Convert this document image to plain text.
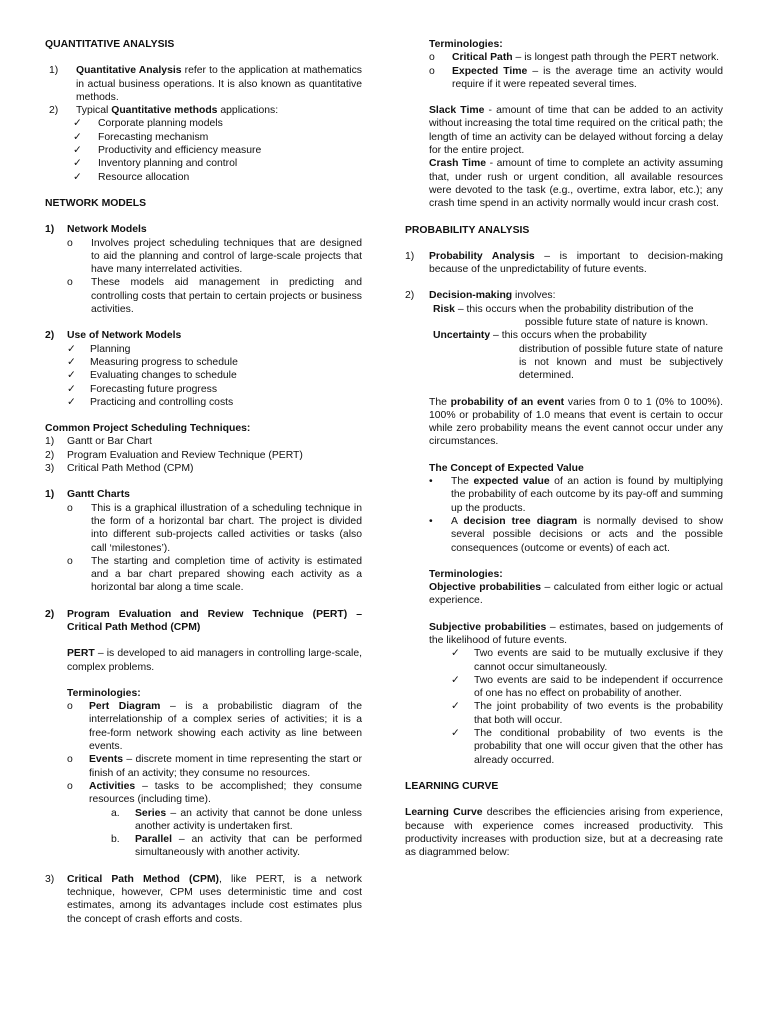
QUANTITATIVE ANALYSIS

1)	Quantitative Analysis refer to the application at mathematics in actual business operations. It is also known as quantitative methods.

2)	Typical Quantitative methods applications:

✓	Corporate planning models
✓	Forecasting mechanism
✓	Productivity and efficiency measure
✓	Inventory planning and control
✓	Resource allocation

NETWORK MODELS

1)	Network Models
o	Involves project scheduling techniques that are designed to aid the planning and control of large-scale projects that have many interrelated activities.

o	These models aid management in predicting and controlling costs that pertain to certain projects or business activities.

2)	Use of Network Models
✓	Planning
✓	Measuring progress to schedule
✓	Evaluating changes to schedule
✓	Forecasting future progress
✓	Practicing and controlling costs

Common Project Scheduling Techniques:

1)	Gantt or Bar Chart
2)	Program Evaluation and Review Technique (PERT)
3)	Critical Path Method (CPM)
1)	Gantt Charts
o	This is a graphical illustration of a scheduling technique in the form of a horizontal bar chart. The project is divided into different sub-projects called activities or tasks (also call ‘milestones’).

o	The starting and completion time of activity is estimated and a bar chart prepared showing each activity as a horizontal bar along a time scale.

2)	Program Evaluation and Review Technique (PERT) – Critical Path Method (CPM)

PERT – is developed to aid managers in controlling large-scale, complex problems.

Terminologies:

o	Pert Diagram – is a probabilistic diagram of the interrelationship of a complex series of activities; it is a free-form network showing each activity as line between events.

o	Events – discrete moment in time representing the start or finish of an activity; they consume no resources.

o	Activities – tasks to be accomplished; they consume resources (including time).

a.	Series – an activity that cannot be done unless another activity is undertaken first.

b.	Parallel – an activity that can be performed simultaneously with another activity.

3)	Critical Path Method (CPM), like PERT, is a network technique, however, CPM uses deterministic time and cost estimates, among its advantages include cost estimates plus the concept of crash efforts and costs.

Terminologies:

o	Critical Path – is longest path through the PERT network.

o	Expected Time – is the average time an activity would require if it were repeated several times.

Slack Time - amount of time that can be added to an activity without increasing the total time required on the critical path; the length of time an activity can be delayed without forcing a delay for the entire project.

Crash Time - amount of time to complete an activity assuming that, under rush or urgent condition, all available resources were devoted to the task (e.g., overtime, extra labor, etc.); any crash time spend in an activity normally would incur crash cost.

PROBABILITY ANALYSIS

1)	Probability Analysis – is important to decision-making because of the unpredictability of future events.

2)	Decision-making involves:

Risk – this occurs when the probability distribution of the

possible future state of nature is known.

Uncertainty – this occurs when the probability

distribution of possible future state of nature is not known and must be subjectively determined.

The probability of an event varies from 0 to 1 (0% to 100%). 100% or probability of 1.0 means that event is certain to occur while zero probability means the event cannot occur under any circumstances.

The Concept of Expected Value

•	The expected value of an action is found by multiplying the probability of each outcome by its pay-off and summing up the products.

•	A decision tree diagram is normally devised to show several possible decisions or acts and the possible consequences (outcome or events) of each act.

Terminologies:

Objective probabilities – calculated from either logic or actual experience.

Subjective probabilities – estimates, based on judgements of the likelihood of future events.

✓	Two events are said to be mutually exclusive if they cannot occur simultaneously.

✓	Two events are said to be independent if occurrence of one has no effect on probability of another.

✓	The joint probability of two events is the probability that both will occur.

✓	The conditional probability of two events is the probability that one will occur given that the other has already occurred.

LEARNING CURVE

Learning Curve describes the efficiencies arising from experience, because with experience comes increased productivity. This productivity increases with production size, but at a decreasing rate as diagrammed below:
